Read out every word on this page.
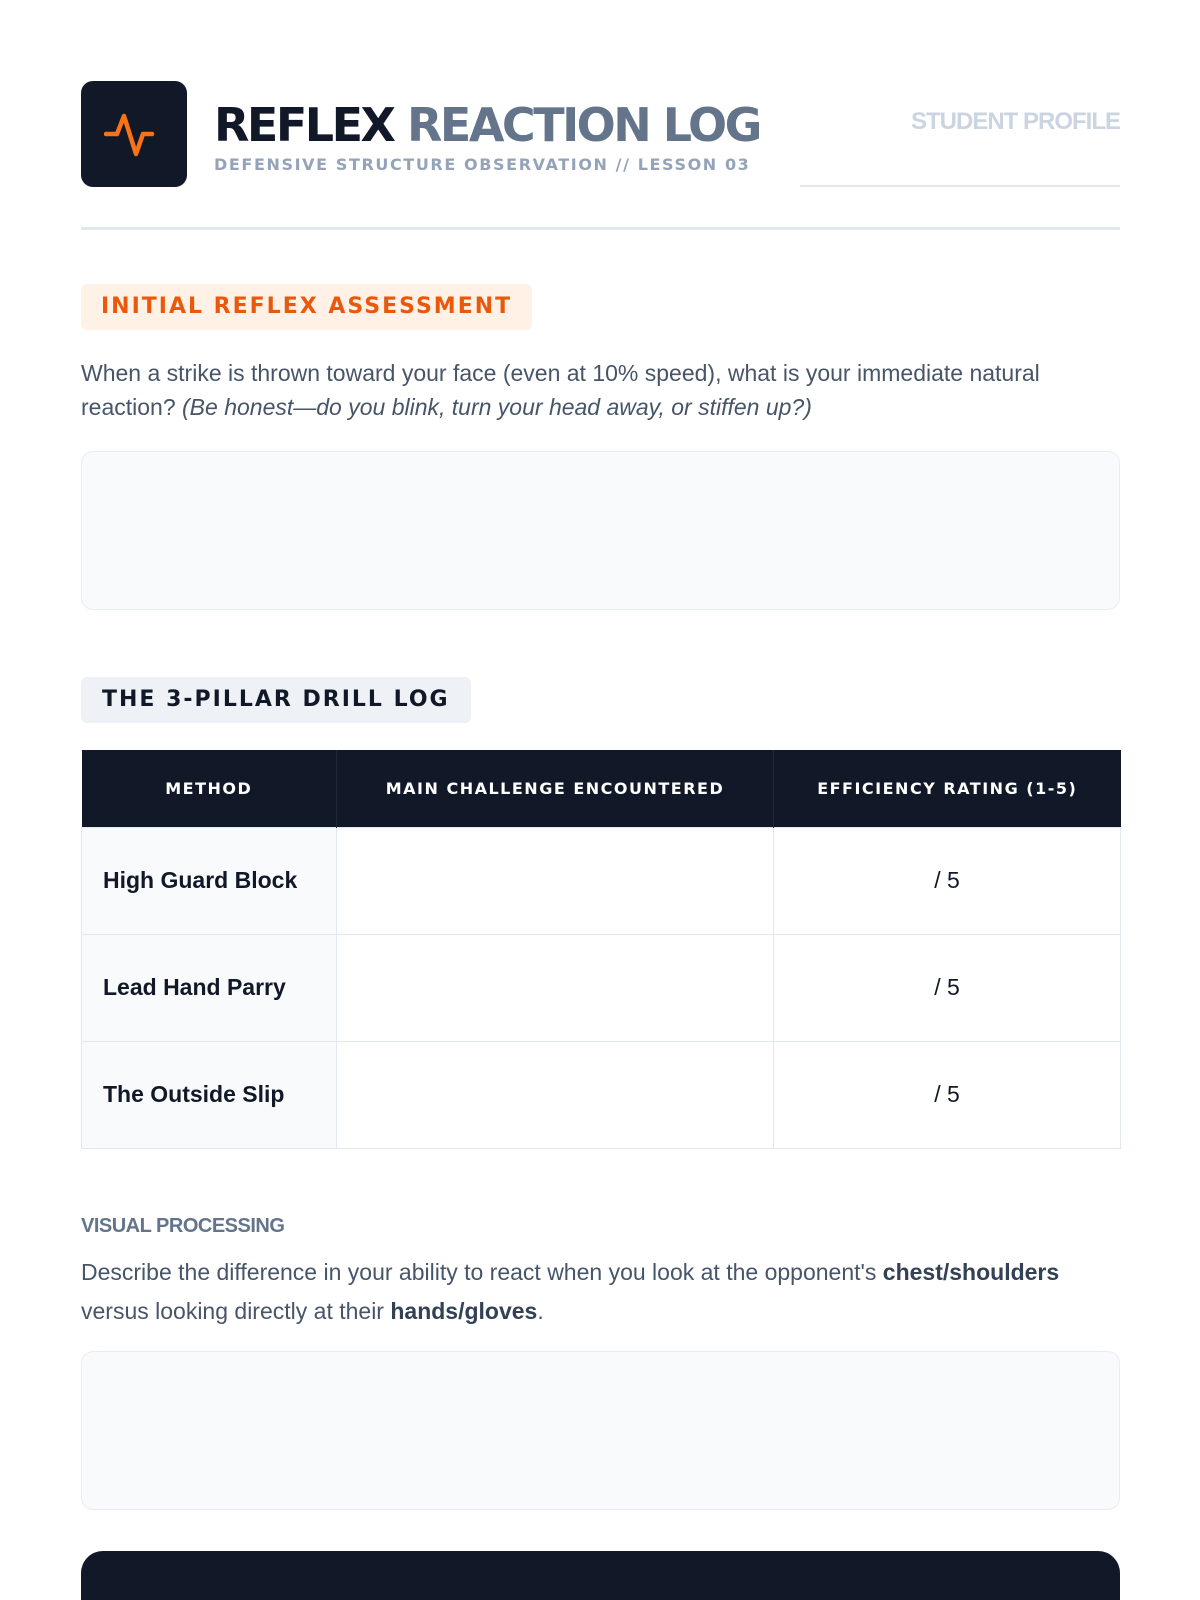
REFLEX REACTION LOG
DEFENSIVE STRUCTURE OBSERVATION // LESSON 03
STUDENT PROFILE
INITIAL REFLEX ASSESSMENT
When a strike is thrown toward your face (even at 10% speed), what is your immediate natural reaction? (Be honest—do you blink, turn your head away, or stiffen up?)
THE 3-PILLAR DRILL LOG
METHOD	MAIN CHALLENGE ENCOUNTERED	EFFICIENCY RATING (1-5)
High Guard Block		/ 5
Lead Hand Parry		/ 5
The Outside Slip		/ 5
VISUAL PROCESSING
Describe the difference in your ability to react when you look at the opponent's chest/shoulders versus looking directly at their hands/gloves.
